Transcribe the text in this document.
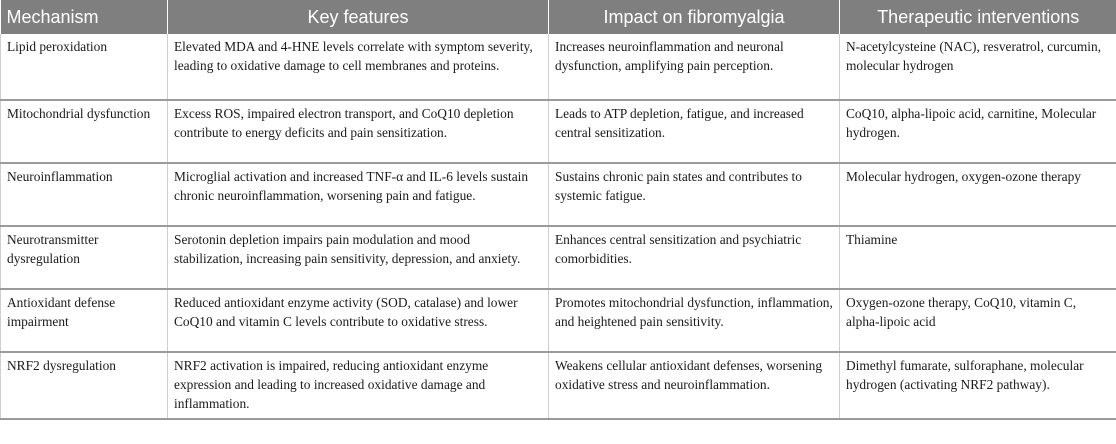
Mechanism	Key features	Impact on fibromyalgia	Therapeutic interventions
Lipid peroxidation	Elevated MDA and 4-HNE levels correlate with symptom severity, leading to oxidative damage to cell membranes and proteins.	Increases neuroinflammation and neuronal dysfunction, amplifying pain perception.	N-acetylcysteine (NAC), resveratrol, curcumin, molecular hydrogen
Mitochondrial dysfunction	Excess ROS, impaired electron transport, and CoQ10 depletion contribute to energy deficits and pain sensitization.	Leads to ATP depletion, fatigue, and increased central sensitization.	CoQ10, alpha-lipoic acid, carnitine, Molecular hydrogen.
Neuroinflammation	Microglial activation and increased TNF-α and IL-6 levels sustain chronic neuroinflammation, worsening pain and fatigue.	Sustains chronic pain states and contributes to systemic fatigue.	Molecular hydrogen, oxygen-ozone therapy
Neurotransmitter dysregulation	Serotonin depletion impairs pain modulation and mood stabilization, increasing pain sensitivity, depression, and anxiety.	Enhances central sensitization and psychiatric comorbidities.	Thiamine
Antioxidant defense impairment	Reduced antioxidant enzyme activity (SOD, catalase) and lower CoQ10 and vitamin C levels contribute to oxidative stress.	Promotes mitochondrial dysfunction, inflammation, and heightened pain sensitivity.	Oxygen-ozone therapy, CoQ10, vitamin C, alpha-lipoic acid
NRF2 dysregulation	NRF2 activation is impaired, reducing antioxidant enzyme expression and leading to increased oxidative damage and inflammation.	Weakens cellular antioxidant defenses, worsening oxidative stress and neuroinflammation.	Dimethyl fumarate, sulforaphane, molecular hydrogen (activating NRF2 pathway).
